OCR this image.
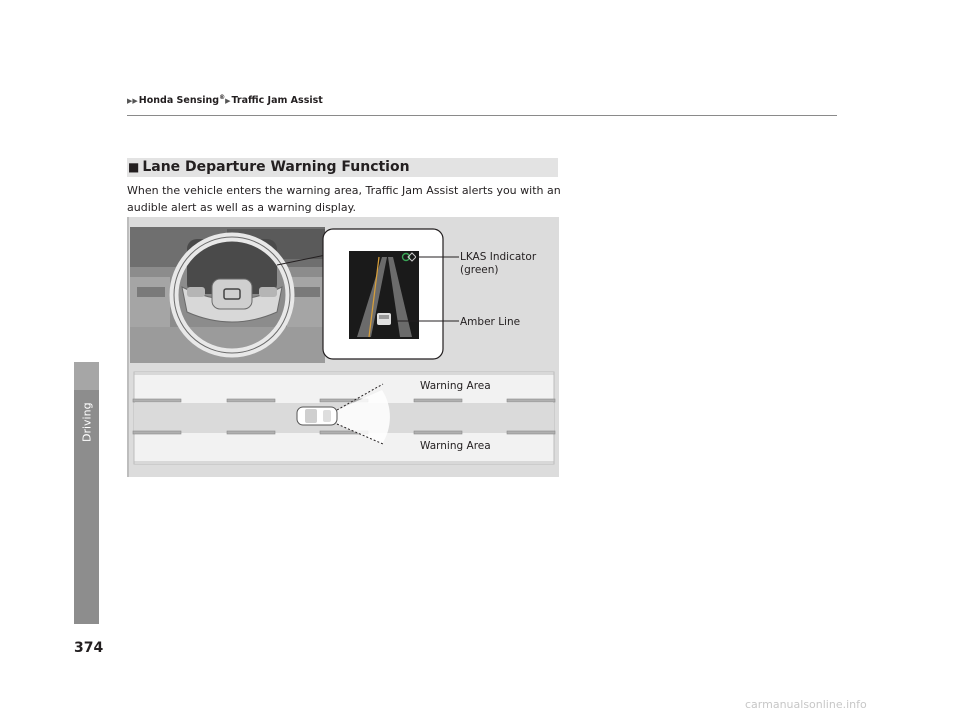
Driving
▶▶Honda Sensing®▶Traffic Jam Assist
■ Lane Departure Warning Function
When the vehicle enters the warning area, Traffic Jam Assist alerts you with an audible alert as well as a warning display.
LKAS Indicator
(green)
Amber Line
Warning Area
Warning Area
374
carmanualsonline.info
